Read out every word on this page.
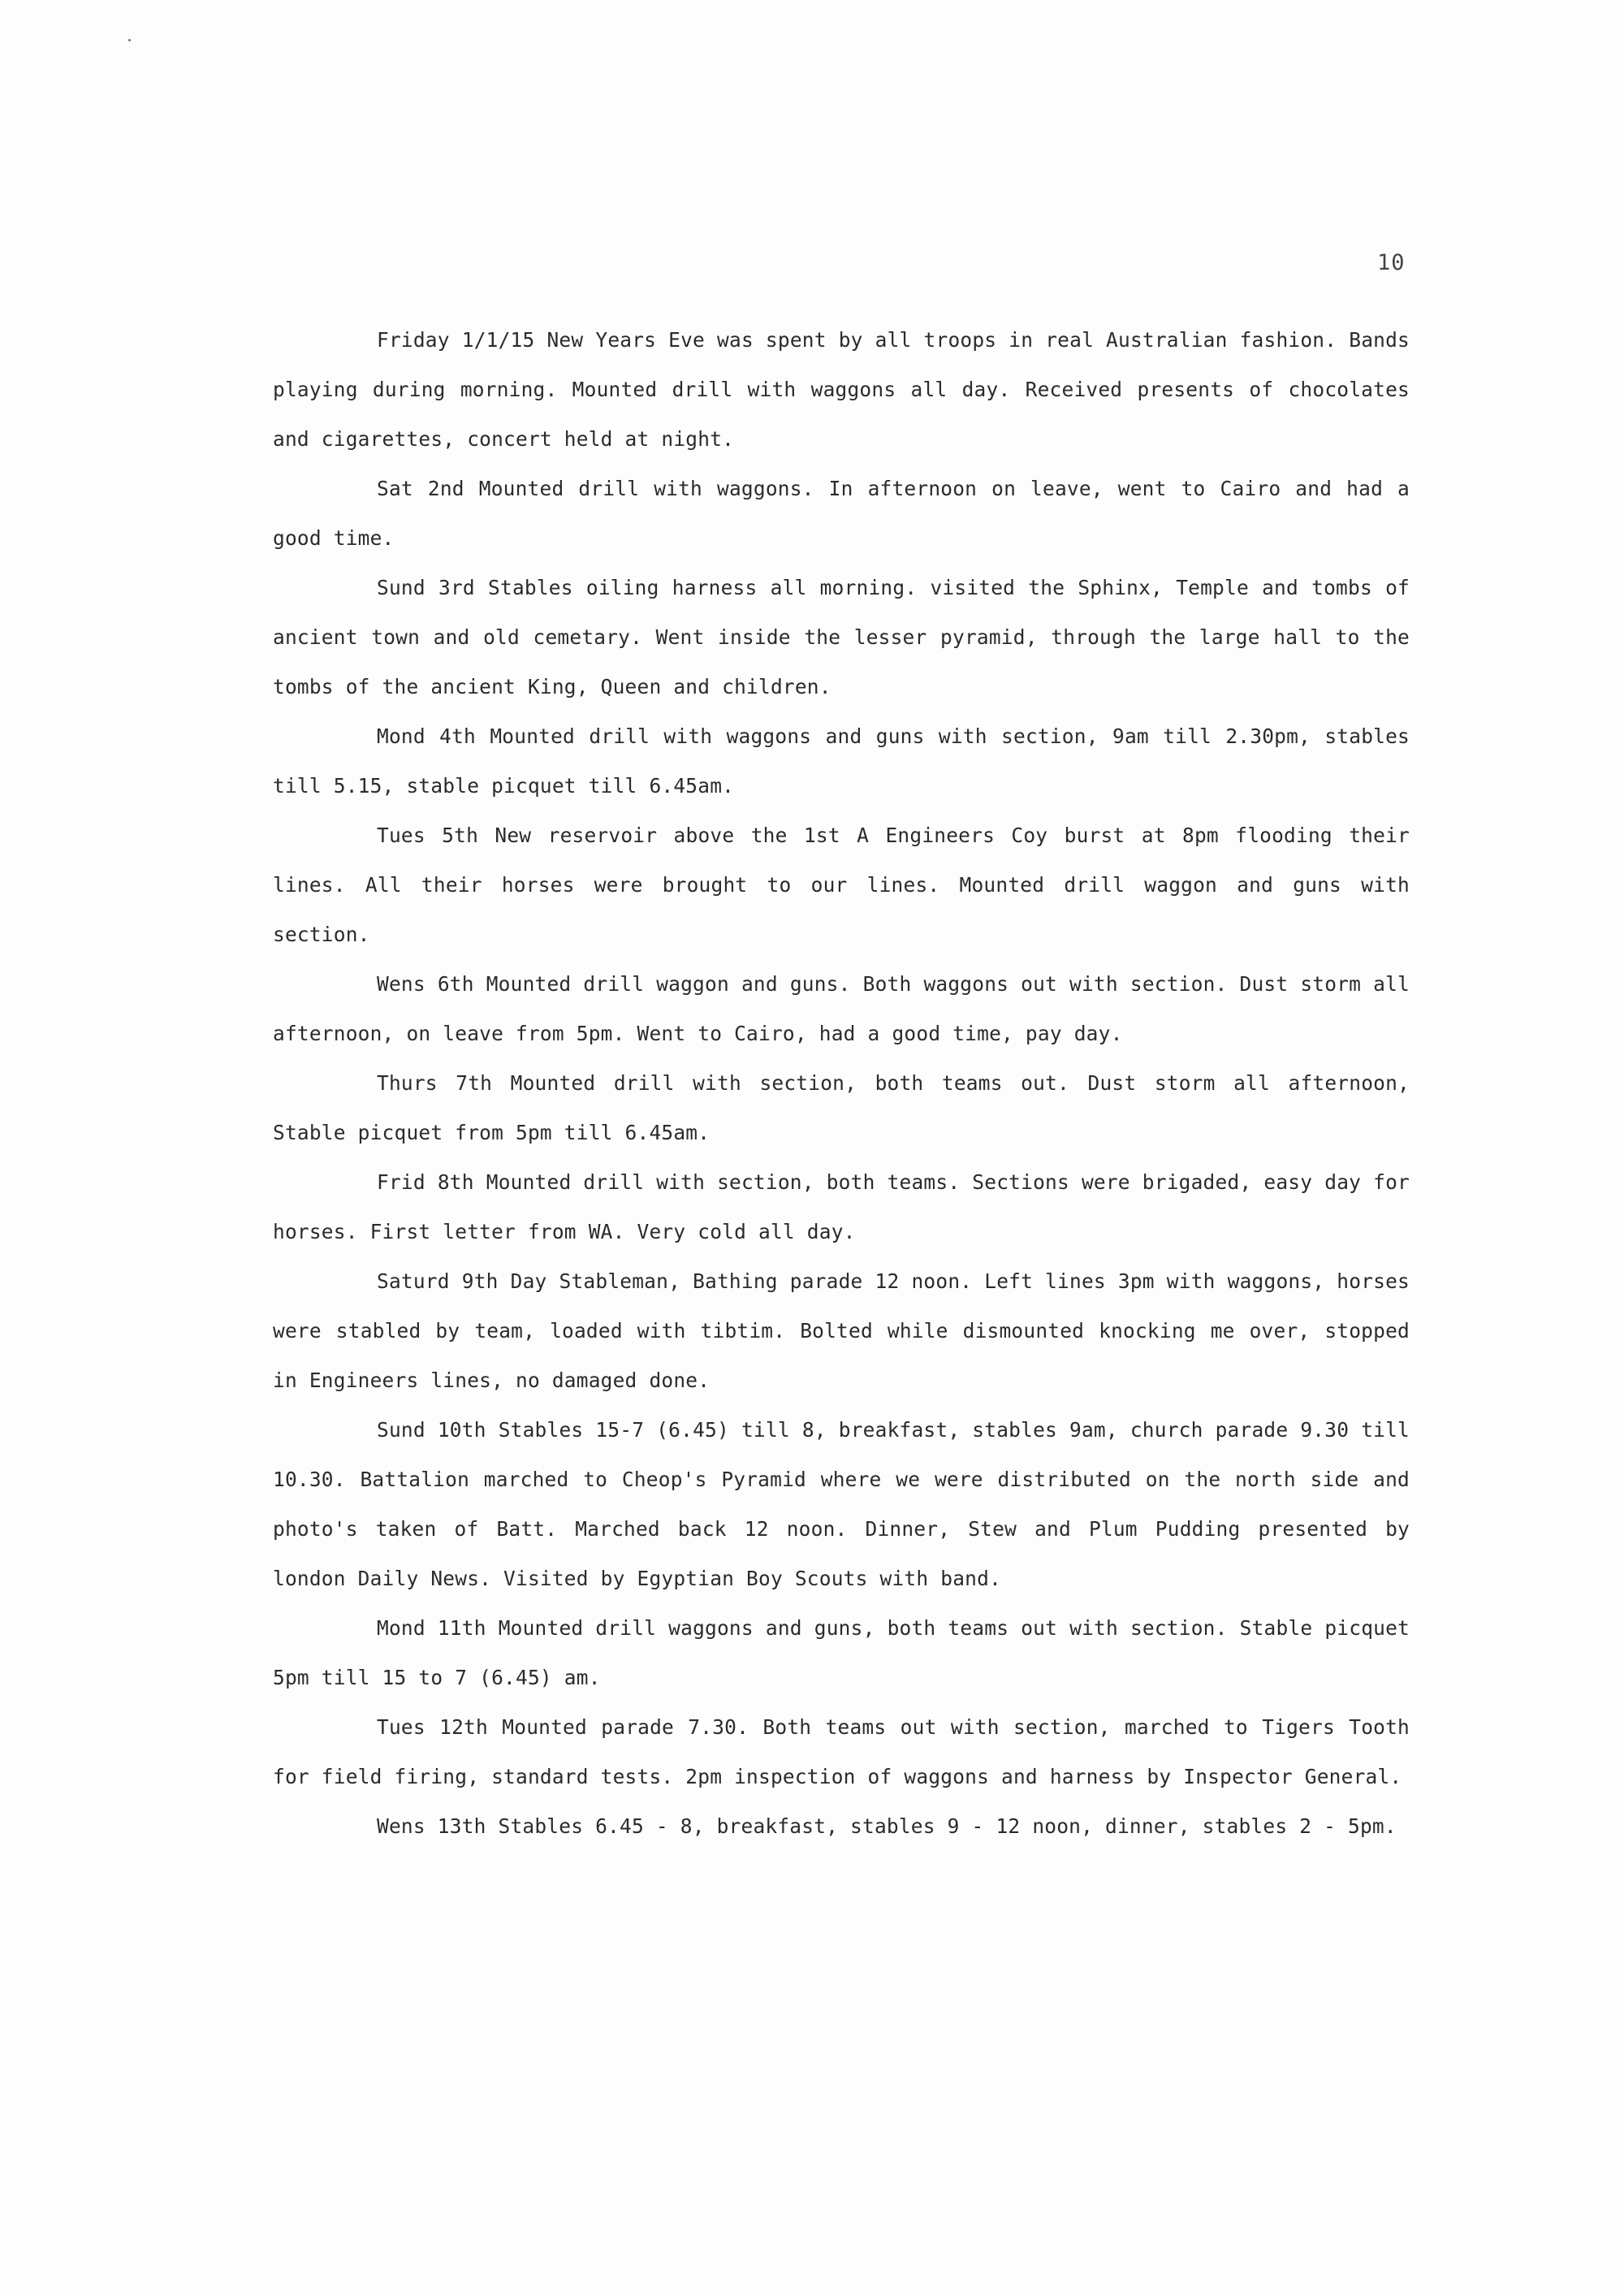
10

Friday 1/1/15 New Years Eve was spent by all troops in real Australian fashion. Bands playing during morning. Mounted drill with waggons all day. Received presents of chocolates and cigarettes, concert held at night.

Sat 2nd Mounted drill with waggons. In afternoon on leave, went to Cairo and had a good time.

Sund 3rd Stables oiling harness all morning. visited the Sphinx, Temple and tombs of ancient town and old cemetary. Went inside the lesser pyramid, through the large hall to the tombs of the ancient King, Queen and children.

Mond 4th Mounted drill with waggons and guns with section, 9am till 2.30pm, stables till 5.15, stable picquet till 6.45am.

Tues 5th New reservoir above the 1st A Engineers Coy burst at 8pm flooding their lines. All their horses were brought to our lines. Mounted drill waggon and guns with section.

Wens 6th Mounted drill waggon and guns. Both waggons out with section. Dust storm all afternoon, on leave from 5pm. Went to Cairo, had a good time, pay day.

Thurs 7th Mounted drill with section, both teams out. Dust storm all afternoon, Stable picquet from 5pm till 6.45am.

Frid 8th Mounted drill with section, both teams. Sections were brigaded, easy day for horses. First letter from WA. Very cold all day.

Saturd 9th Day Stableman, Bathing parade 12 noon. Left lines 3pm with waggons, horses were stabled by team, loaded with tibtim. Bolted while dismounted knocking me over, stopped in Engineers lines, no damaged done.

Sund 10th Stables 15-7 (6.45) till 8, breakfast, stables 9am, church parade 9.30 till 10.30. Battalion marched to Cheop's Pyramid where we were distributed on the north side and photo's taken of Batt. Marched back 12 noon. Dinner, Stew and Plum Pudding presented by london Daily News. Visited by Egyptian Boy Scouts with band.

Mond 11th Mounted drill waggons and guns, both teams out with section. Stable picquet 5pm till 15 to 7 (6.45) am.

Tues 12th Mounted parade 7.30. Both teams out with section, marched to Tigers Tooth for field firing, standard tests. 2pm inspection of waggons and harness by Inspector General.

Wens 13th Stables 6.45 - 8, breakfast, stables 9 - 12 noon, dinner, stables 2 - 5pm.
